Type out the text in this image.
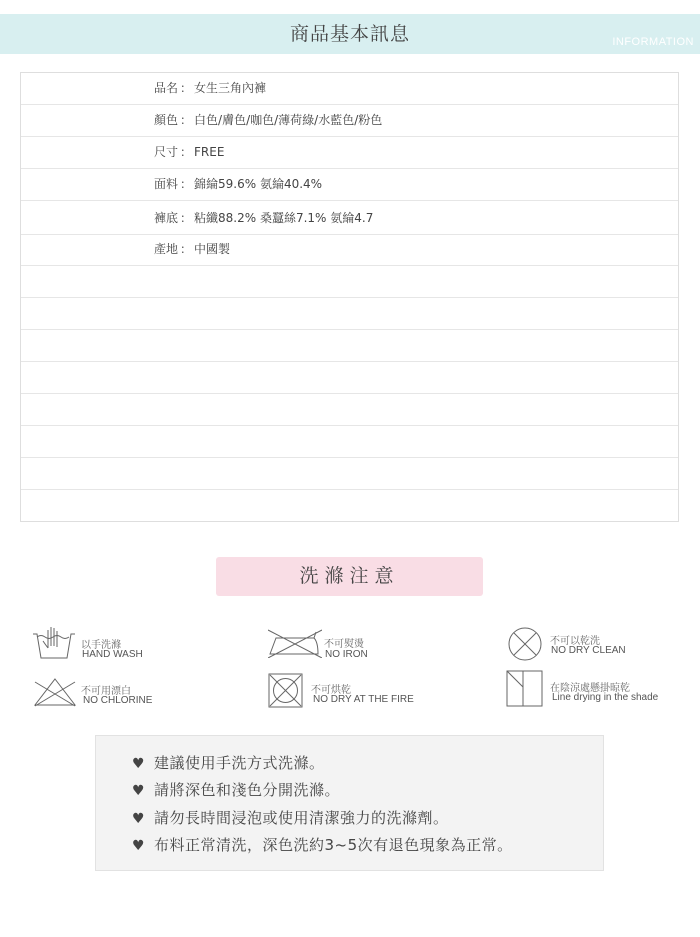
商品基本訊息	INFORMATION
品名 ： 女生三角內褲
顏色 ： 白色/膚色/咖色/薄荷綠/水藍色/粉色
尺寸 ： FREE
面料 ： 錦綸59.6% 氨綸40.4%
褲底 ： 粘纖88.2% 桑蠶絲7.1% 氨綸4.7
產地 ： 中國製
洗滌注意
以手洗滌
HAND WASH
不可熨燙
NO IRON
不可以乾洗
NO DRY CLEAN
不可用漂白
NO CHLORINE
不可烘乾
NO DRY AT THE FIRE
在陰涼處懸掛晾乾
Line drying in the shade
♥ 建議使用手洗方式洗滌。
♥ 請將深色和淺色分開洗滌。
♥ 請勿長時間浸泡或使用清潔強力的洗滌劑。
♥ 布料正常清洗，深色洗約3~5次有退色現象為正常。
